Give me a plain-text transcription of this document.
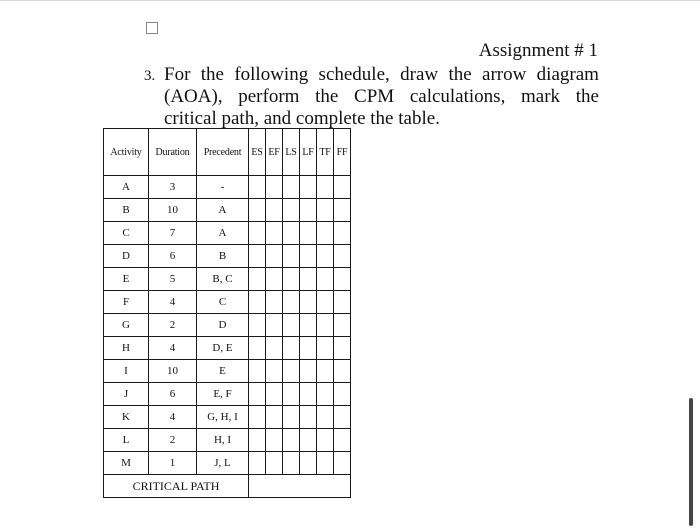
Assignment # 1
3. For the following schedule, draw the arrow diagram
(AOA), perform the CPM calculations, mark the
critical path, and complete the table.
Activity	Duration	Precedent	ES	EF	LS	LF	TF	FF
A	3	-						
B	10	A						
C	7	A						
D	6	B						
E	5	B, C						
F	4	C						
G	2	D						
H	4	D, E						
I	10	E						
J	6	E, F						
K	4	G, H, I						
L	2	H, I						
M	1	J, L						
CRITICAL PATH								
